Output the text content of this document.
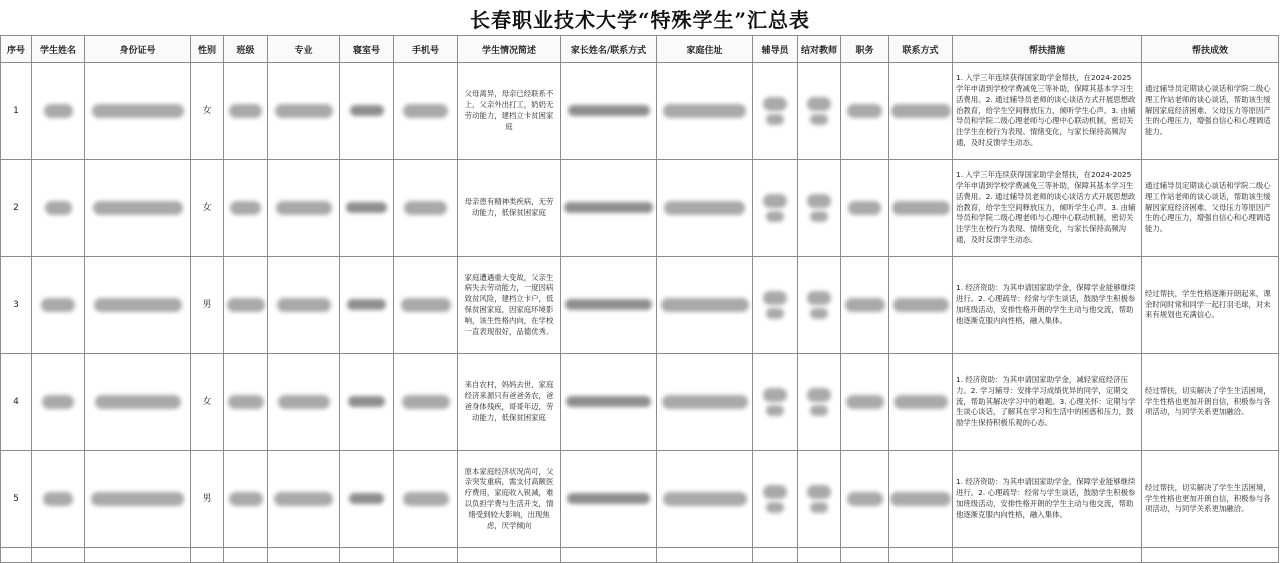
长春职业技术大学“特殊学生”汇总表
序号	学生姓名	身份证号	性别	班级	专业	寝室号	手机号	学生情况简述	家长姓名/联系方式	家庭住址	辅导员	结对教师	职务	联系方式	帮扶措施	帮扶成效
1			女					父母离异，母亲已经联系不上，父亲外出打工，奶奶无劳动能力，建档立卡贫困家庭							1. 入学三年连续获得国家助学金帮扶，在2024-2025学年申请到学校学费减免三等补助，保障其基本学习生活费用。2. 通过辅导员老师的谈心谈话方式开展思想政治教育，给学生空间释放压力，倾听学生心声。3. 由辅导员和学院二级心理老师与心理中心联动机制，密切关注学生在校行为表现、情绪变化，与家长保持高频沟通，及时反馈学生动态。	通过辅导员定期谈心谈话和学院二级心理工作站老师的谈心谈话，帮助该生缓解因家庭经济困难、父母压力等原因产生的心理压力，增强自信心和心理调适能力。
2			女					母亲患有精神类疾病，无劳动能力，低保贫困家庭							1. 入学三年连续获得国家助学金帮扶，在2024-2025学年申请到学校学费减免三等补助，保障其基本学习生活费用。2. 通过辅导员老师的谈心谈话方式开展思想政治教育，给学生空间释放压力，倾听学生心声。3. 由辅导员和学院二级心理老师与心理中心联动机制，密切关注学生在校行为表现、情绪变化，与家长保持高频沟通，及时反馈学生动态。	通过辅导员定期谈心谈话和学院二级心理工作站老师的谈心谈话，帮助该生缓解因家庭经济困难、父母压力等原因产生的心理压力，增强自信心和心理调适能力。
3			男					家庭遭遇重大变故，父亲生病失去劳动能力，一度因病致贫风险，建档立卡户，低保贫困家庭，因家庭环境影响，该生性格内向，在学校一直表现很好，品德优秀。							1. 经济资助：为其申请国家助学金，保障学业能够继续进行。2. 心理疏导：经常与学生谈话，鼓励学生积极参加班级活动，安排性格开朗的学生主动与他交流，帮助他逐渐克服内向性格，融入集体。	经过帮扶，学生性格逐渐开朗起来，课余时间时常和同学一起打羽毛球，对未来有规划也充满信心。
4			女					来自农村，妈妈去世，家庭经济来源只有爸爸务农，爸爸身体残疾，哥哥年迈，劳动能力，低保贫困家庭							1. 经济资助：为其申请国家助学金，减轻家庭经济压力。2. 学习辅导：安排学习成绩优异的同学，定期交流，帮助其解决学习中的难题。3. 心理关怀：定期与学生谈心谈话，了解其在学习和生活中的困惑和压力，鼓励学生保持积极乐观的心态。	经过帮扶，切实解决了学生生活困境，学生性格也更加开朗自信，积极参与各项活动，与同学关系更加融洽。
5			男					原本家庭经济状况尚可，父亲突发重病，需支付高额医疗费用，家庭收入锐减，难以负担学费与生活开支，情绪受到较大影响，出现焦虑，厌学倾向							1. 经济资助：为其申请国家助学金，保障学业能够继续进行。2. 心理疏导：经常与学生谈话，鼓励学生积极参加班级活动，安排性格开朗的学生主动与他交流，帮助他逐渐克服内向性格，融入集体。	经过帮扶，切实解决了学生生活困境，学生性格也更加开朗自信，积极参与各项活动，与同学关系更加融洽。
